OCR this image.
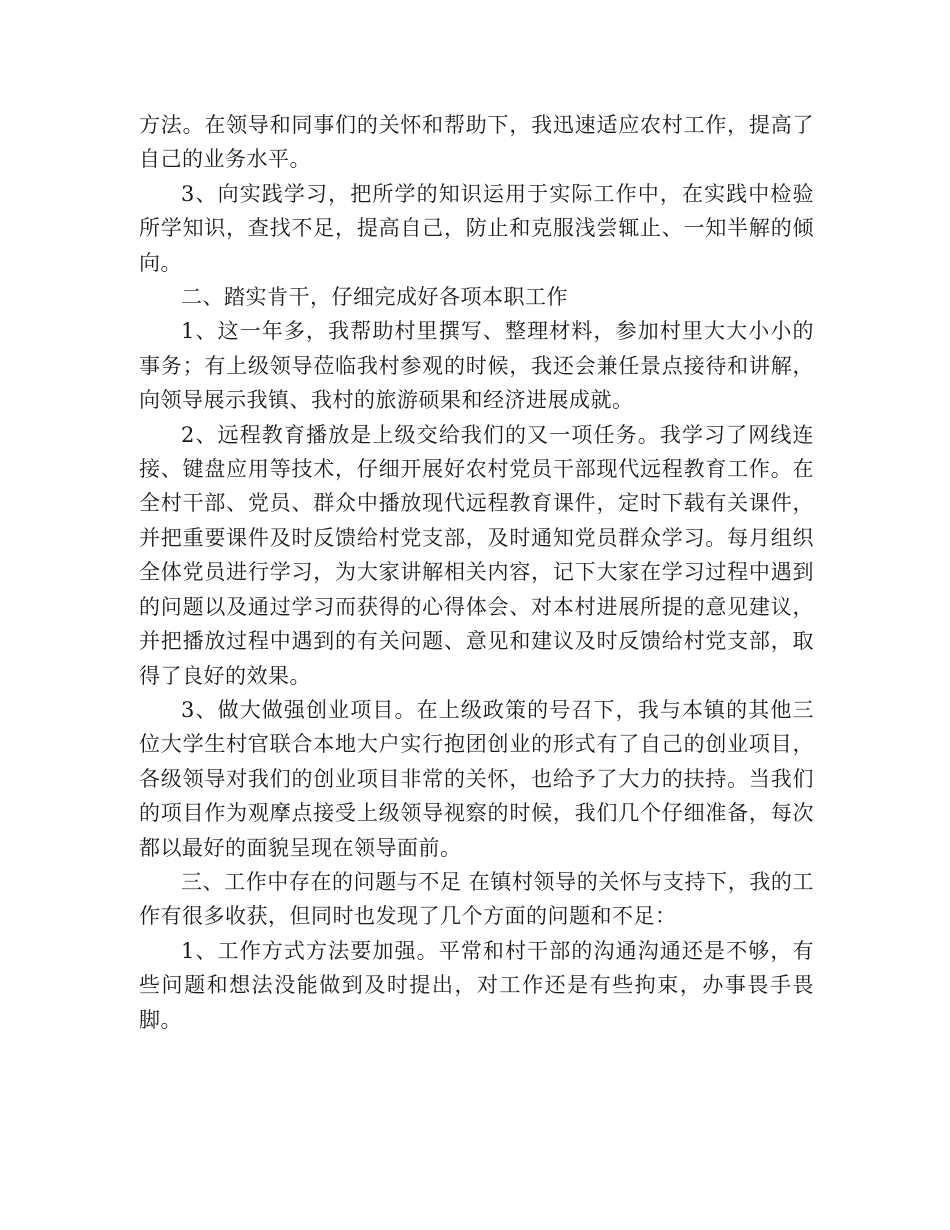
方法。在领导和同事们的关怀和帮助下，我迅速适应农村工作，提高了自己的业务水平。

3、向实践学习，把所学的知识运用于实际工作中，在实践中检验所学知识，查找不足，提高自己，防止和克服浅尝辄止、一知半解的倾向。

二、踏实肯干，仔细完成好各项本职工作

1、这一年多，我帮助村里撰写、整理材料，参加村里大大小小的事务；有上级领导莅临我村参观的时候，我还会兼任景点接待和讲解，向领导展示我镇、我村的旅游硕果和经济进展成就。

2、远程教育播放是上级交给我们的又一项任务。我学习了网线连接、键盘应用等技术，仔细开展好农村党员干部现代远程教育工作。在全村干部、党员、群众中播放现代远程教育课件，定时下载有关课件，并把重要课件及时反馈给村党支部，及时通知党员群众学习。每月组织全体党员进行学习，为大家讲解相关内容，记下大家在学习过程中遇到的问题以及通过学习而获得的心得体会、对本村进展所提的意见建议，并把播放过程中遇到的有关问题、意见和建议及时反馈给村党支部，取得了良好的效果。

3、做大做强创业项目。在上级政策的号召下，我与本镇的其他三位大学生村官联合本地大户实行抱团创业的形式有了自己的创业项目，各级领导对我们的创业项目非常的关怀，也给予了大力的扶持。当我们的项目作为观摩点接受上级领导视察的时候，我们几个仔细准备，每次都以最好的面貌呈现在领导面前。

三、工作中存在的问题与不足 在镇村领导的关怀与支持下，我的工作有很多收获，但同时也发现了几个方面的问题和不足：

1、工作方式方法要加强。平常和村干部的沟通沟通还是不够，有些问题和想法没能做到及时提出，对工作还是有些拘束，办事畏手畏脚。
